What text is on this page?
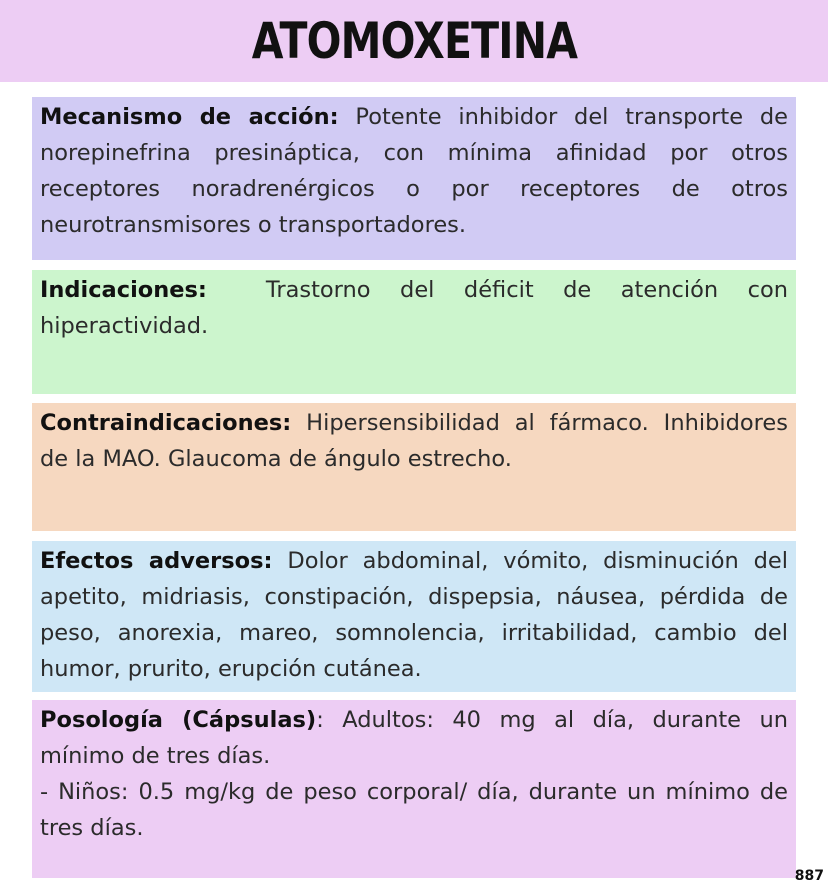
ATOMOXETINA

Mecanismo de acción: Potente inhibidor del transporte de norepinefrina presináptica, con mínima afinidad por otros receptores noradrenérgicos o por receptores de otros neurotransmisores o transportadores.

Indicaciones:  Trastorno del déficit de atención con hiperactividad.

Contraindicaciones: Hipersensibilidad al fármaco. Inhibidores de la MAO. Glaucoma de ángulo estrecho.

Efectos adversos: Dolor abdominal, vómito, disminución del apetito, midriasis, constipación, dispepsia, náusea, pérdida de peso, anorexia, mareo, somnolencia, irritabilidad, cambio del humor, prurito, erupción cutánea.

Posología (Cápsulas): Adultos: 40 mg al día, durante un mínimo de tres días.

- Niños: 0.5 mg/kg de peso corporal/ día, durante un mínimo de tres días.

887
